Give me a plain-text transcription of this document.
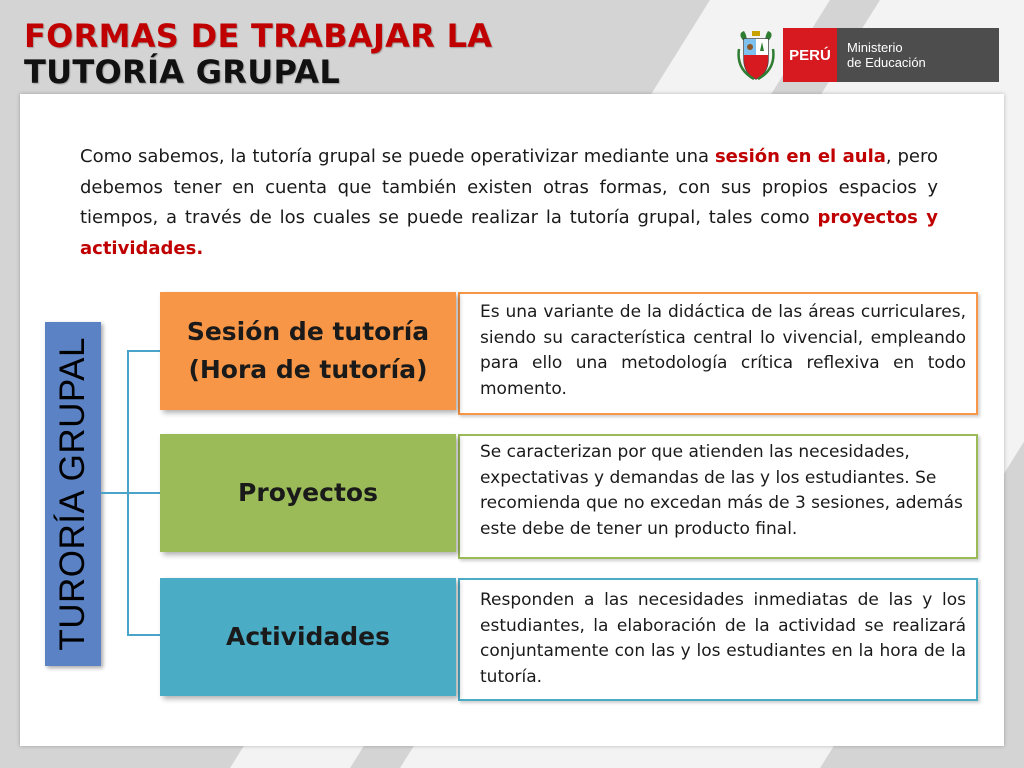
FORMAS DE TRABAJAR LA
TUTORÍA GRUPAL	PERÚ	Ministerio
de Educación

Como sabemos, la tutoría grupal se puede operativizar mediante una sesión en el aula, pero debemos tener en cuenta que también existen otras formas, con sus propios espacios y tiempos, a través de los cuales se puede realizar la tutoría grupal, tales como proyectos y actividades.

TURORÍA GRUPAL

Es una variante de la didáctica de las áreas curriculares, siendo su característica central lo vivencial, empleando para ello una metodología crítica reflexiva en todo momento.

Se caracterizan por que atienden las necesidades, expectativas y demandas de las y los estudiantes. Se recomienda que no excedan más de 3 sesiones, además este debe de tener un producto final.

Responden a las necesidades inmediatas de las y los estudiantes, la elaboración de la actividad se realizará conjuntamente con las y los estudiantes en la hora de la tutoría.

Sesión de tutoría
(Hora de tutoría)
Proyectos
Actividades
